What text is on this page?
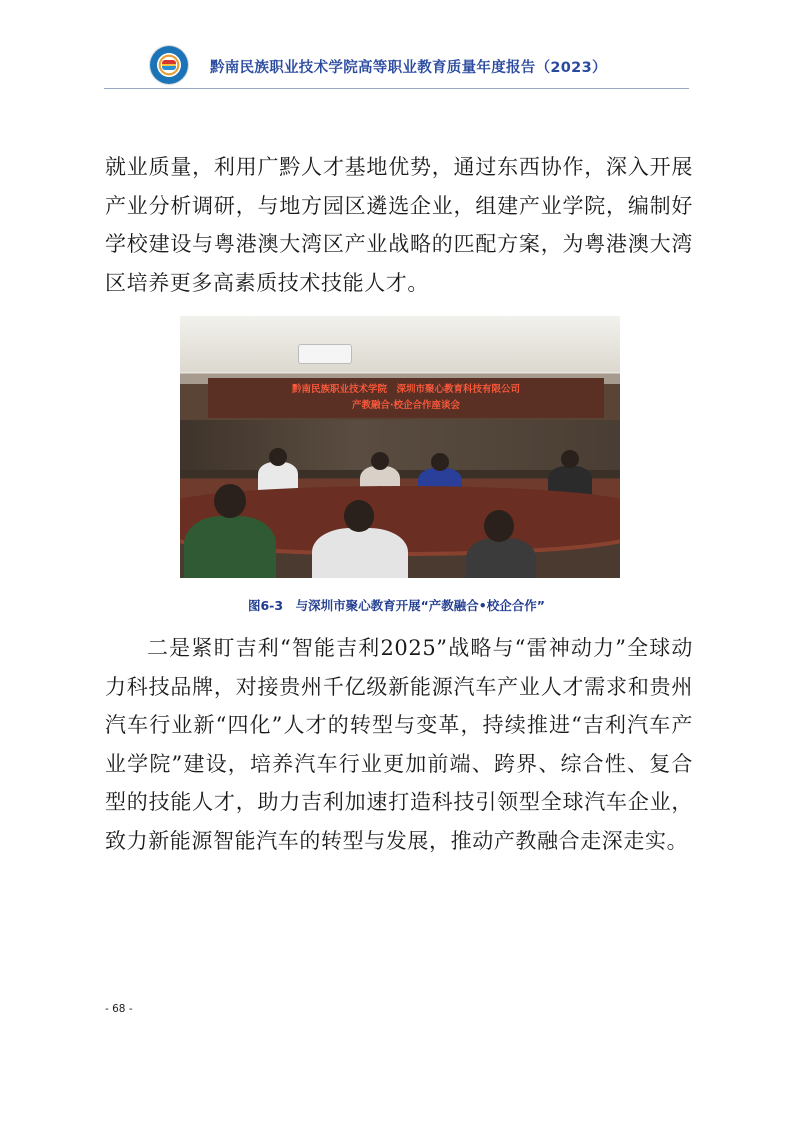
黔南民族职业技术学院高等职业教育质量年度报告（2023）

就业质量，利用广黔人才基地优势，通过东西协作，深入开展产业分析调研，与地方园区遴选企业，组建产业学院，编制好学校建设与粤港澳大湾区产业战略的匹配方案，为粤港澳大湾区培养更多高素质技术技能人才。

黔南民族职业技术学院　深圳市聚心教育科技有限公司
产教融合·校企合作座谈会
图6-3　与深圳市聚心教育开展“产教融合•校企合作”

二是紧盯吉利“智能吉利2025”战略与“雷神动力”全球动力科技品牌，对接贵州千亿级新能源汽车产业人才需求和贵州汽车行业新“四化”人才的转型与变革，持续推进“吉利汽车产业学院”建设，培养汽车行业更加前端、跨界、综合性、复合型的技能人才，助力吉利加速打造科技引领型全球汽车企业，致力新能源智能汽车的转型与发展，推动产教融合走深走实。

- 68 -
